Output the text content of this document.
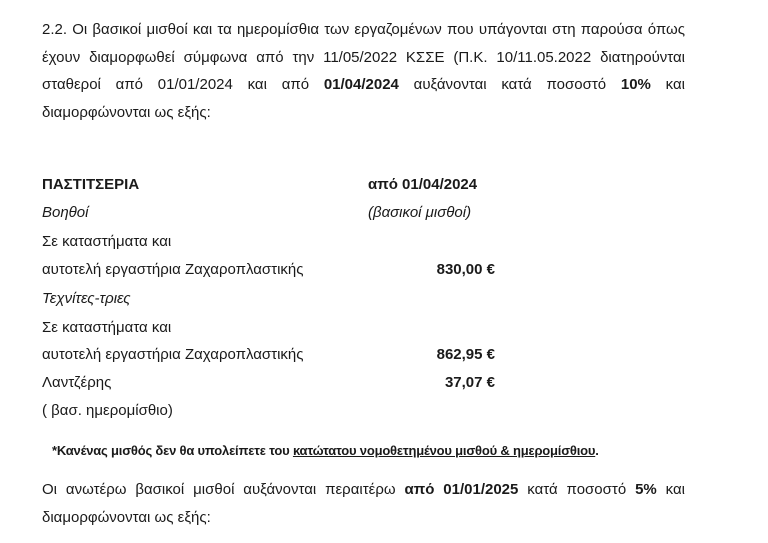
2.2. Οι βασικοί μισθοί και τα ημερομίσθια των εργαζομένων που υπάγονται στη παρούσα όπως έχουν διαμορφωθεί σύμφωνα από την 11/05/2022 ΚΣΣΕ (Π.Κ. 10/11.05.2022 διατηρούνται σταθεροί από 01/01/2024 και από 01/04/2024 αυξάνονται κατά ποσοστό 10% και διαμορφώνονται ως εξής:
ΠΑΣΤΙΤΣΕΡΙΑ	από 01/04/2024
Βοηθοί	(βασικοί μισθοί)
Σε καταστήματα και
αυτοτελή εργαστήρια Ζαχαροπλαστικής	830,00 €
Τεχνίτες-τριες
Σε καταστήματα και
αυτοτελή εργαστήρια Ζαχαροπλαστικής	862,95 €
Λαντζέρης	37,07 €
( βασ. ημερομίσθιο)
*Κανένας μισθός δεν θα υπολείπετε του κατώτατου νομοθετημένου μισθού & ημερομίσθιου.
Οι ανωτέρω βασικοί μισθοί αυξάνονται περαιτέρω από 01/01/2025 κατά ποσοστό 5% και διαμορφώνονται ως εξής:
